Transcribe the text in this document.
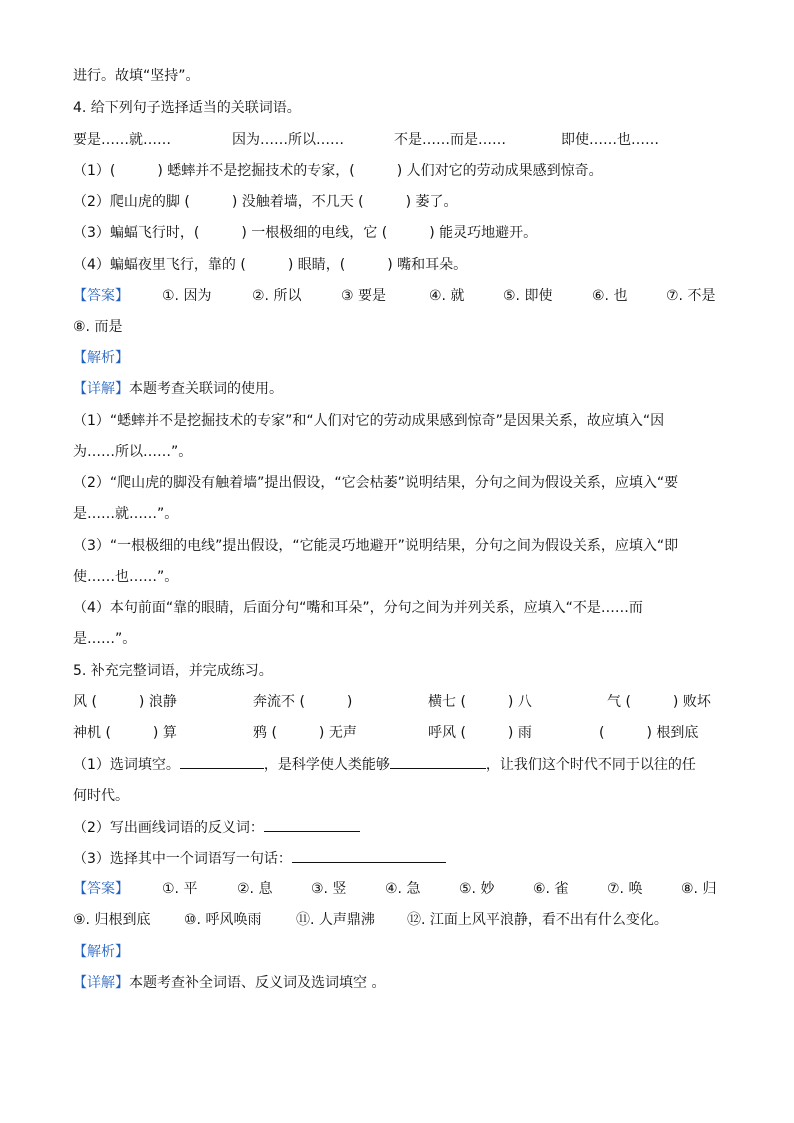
进行。故填“坚持”。
4. 给下列句子选择适当的关联词语。
要是……就……	因为……所以……	不是……而是……	即使……也……
（1）(　　　) 蟋蟀并不是挖掘技术的专家，(　　　) 人们对它的劳动成果感到惊奇。
（2）爬山虎的脚 (　　　) 没触着墙，不几天 (　　　) 萎了。
（3）蝙蝠飞行时，(　　　) 一根极细的电线，它 (　　　) 能灵巧地避开。
（4）蝙蝠夜里飞行，靠的 (　　　) 眼睛，(　　　) 嘴和耳朵。
【答案】 ①. 因为	②. 所以	③ 要是	④. 就	⑤. 即使	⑥. 也	⑦. 不是
⑧. 而是
【解析】
【详解】本题考查关联词的使用。
（1）“蟋蟀并不是挖掘技术的专家”和“人们对它的劳动成果感到惊奇”是因果关系，故应填入“因
为……所以……”。
（2）“爬山虎的脚没有触着墙”提出假设，“它会枯萎”说明结果，分句之间为假设关系，应填入“要
是……就……”。
（3）“一根极细的电线”提出假设，“它能灵巧地避开”说明结果，分句之间为假设关系，应填入“即
使……也……”。
（4）本句前面“靠的眼睛，后面分句“嘴和耳朵”，分句之间为并列关系，应填入“不是……而
是……”。
5. 补充完整词语，并完成练习。
风 (　　　) 浪静	奔流不 (　　　)	横七 (　　　) 八	气 (　　　) 败坏
神机 (　　　) 算	鸦 (　　　) 无声	呼风 (　　　) 雨	(　　　) 根到底
（1）选词填空。	，是科学使人类能够	，让我们这个时代不同于以往的任
何时代。
（2）写出画线词语的反义词：
（3）选择其中一个词语写一句话：
【答案】 ①. 平	②. 息	③. 竖	④. 急	⑤. 妙	⑥. 雀	⑦. 唤	⑧. 归
⑨. 归根到底 ⑩. 呼风唤雨 ⑪. 人声鼎沸 ⑫. 江面上风平浪静，看不出有什么变化。
【解析】
【详解】本题考查补全词语、反义词及选词填空 。
